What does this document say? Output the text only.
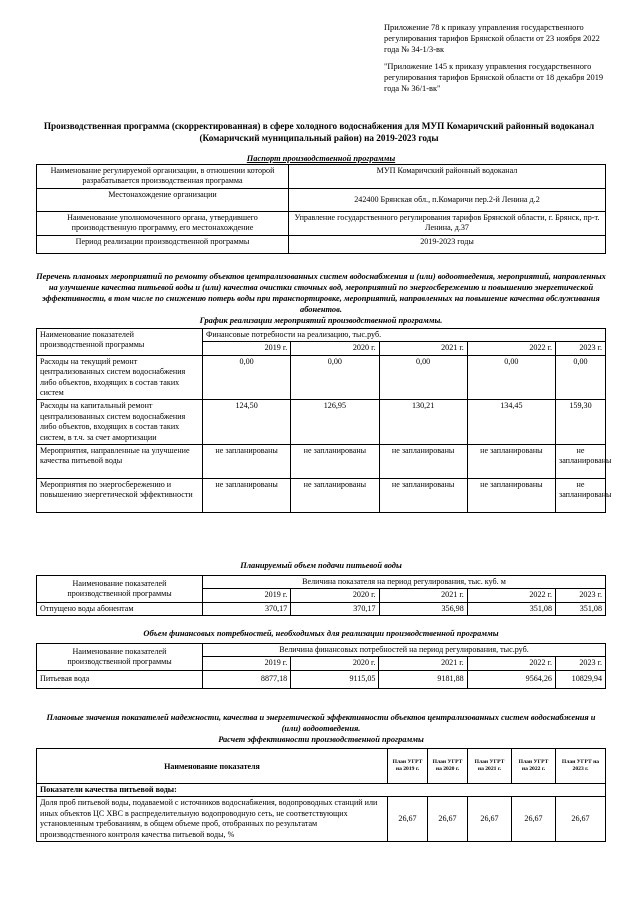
Приложение 78 к приказу управления государственного регулирования тарифов Брянской области от 23 ноября 2022 года № 34-1/3-вк

"Приложение 145 к приказу управления государственного регулирования тарифов Брянской области от 18 декабря 2019 года № 36/1-вк"

Производственная программа (скорректированная) в сфере холодного водоснабжения для МУП Комаричский районный водоканал (Комаричский муниципальный район) на 2019-2023 годы
Паспорт производственной программы
Наименование регулируемой организации, в отношении которой разрабатывается производственная программа	МУП Комаричский районный водоканал
Местонахождение организации	242400 Брянская обл., п.Комаричи пер.2-й Ленина д.2
Наименование уполномоченного органа, утвердившего производственную программу, его местонахождение	Управление государственного регулирования тарифов Брянской области, г. Брянск, пр-т. Ленина, д.37
Период реализации производственной программы	2019-2023 годы
Перечень плановых мероприятий по ремонту объектов централизованных систем водоснабжения и (или) водоотведения, мероприятий, направленных на улучшение качества питьевой воды и (или) качества очистки сточных вод, мероприятий по энергосбережению и повышению энергетической эффективности, в том числе по снижению потерь воды при транспортировке, мероприятий, направленных на повышение качества обслуживания абонентов.
График реализации мероприятий производственной программы.
Наименование показателей производственной программы	Финансовые потребности на реализацию, тыс.руб.				
	2019 г.	2020 г.	2021 г.	2022 г.	2023 г.
Расходы на текущий ремонт централизованных систем водоснабжения либо объектов, входящих в состав таких систем	0,00	0,00	0,00	0,00	0,00
Расходы на капитальный ремонт централизованных систем водоснабжения либо объектов, входящих в состав таких систем, в т.ч. за счет амортизации	124,50	126,95	130,21	134,45	159,30
Мероприятия, направленные на улучшение качества питьевой воды	не запланированы	не запланированы	не запланированы	не запланированы	не запланированы
Мероприятия по энергосбережению и повышению энергетической эффективности	не запланированы	не запланированы	не запланированы	не запланированы	не запланированы
Планируемый объем подачи питьевой воды
Наименование показателей производственной программы	Величина показателя на период регулирования, тыс. куб. м				
	2019 г.	2020 г.	2021 г.	2022 г.	2023 г.
Отпущено воды абонентам	370,17	370,17	356,98	351,08	351,08
Объем финансовых потребностей, необходимых для реализации производственной программы
Наименование показателей производственной программы	Величина финансовых потребностей на период регулирования, тыс.руб.				
	2019 г.	2020 г.	2021 г.	2022 г.	2023 г.
Питьевая вода	8877,18	9115,05	9181,88	9564,26	10829,94
Плановые значения показателей надежности, качества и энергетической эффективности объектов централизованных систем водоснабжения и (или) водоотведения.
Расчет эффективности производственной программы
Наименование показателя	План УГРТ на 2019 г.	План УГРТ на 2020 г.	План УГРТ на 2021 г.	План УГРТ на 2022 г.	План УГРТ на 2023 г.
Показатели качества питьевой воды:					
Доля проб питьевой воды, подаваемой с источников водоснабжения, водопроводных станций или иных объектов ЦС ХВС в распределительную водопроводную сеть, не соответствующих установленным требованиям, в общем объеме проб, отобранных по результатам производственного контроля качества питьевой воды, %	26,67	26,67	26,67	26,67	26,67
